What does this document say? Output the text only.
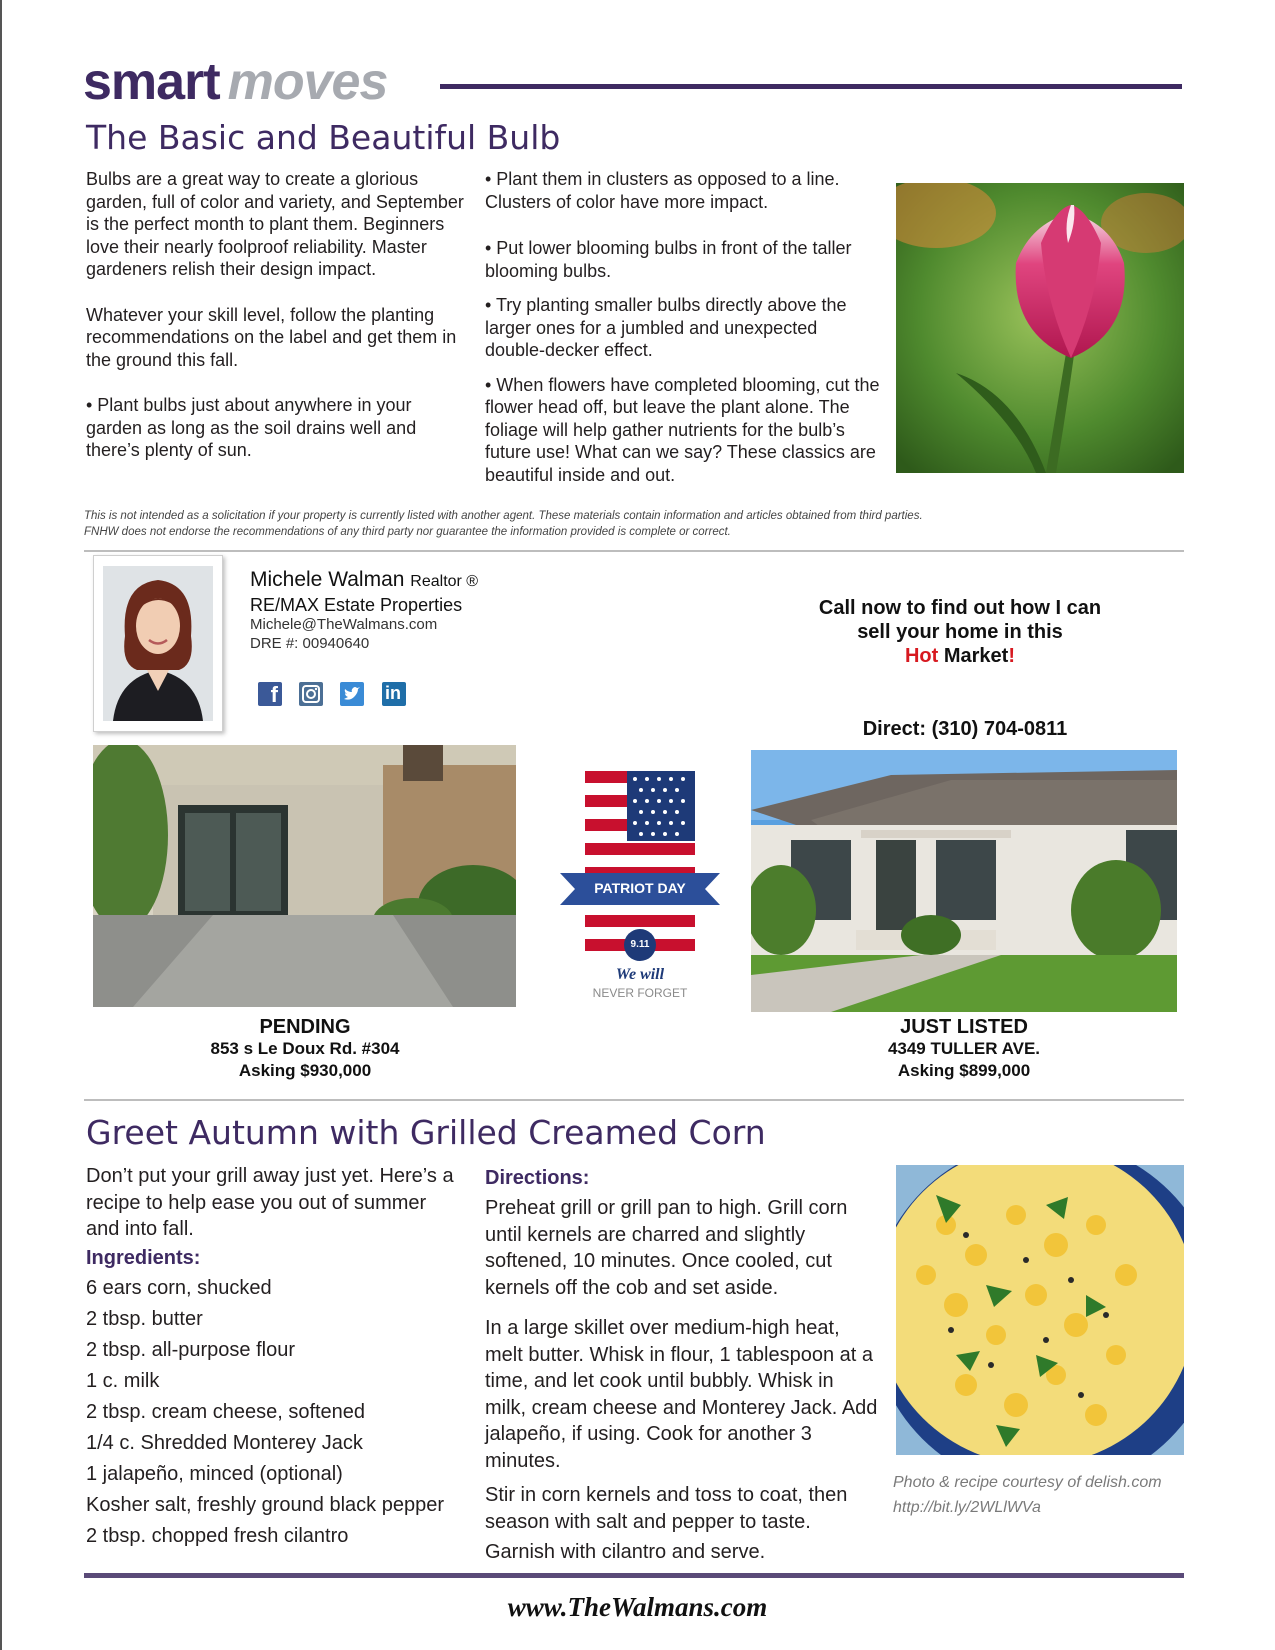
smart moves
The Basic and Beautiful Bulb

Bulbs are a great way to create a glorious garden, full of color and variety, and September is the perfect month to plant them. Beginners love their nearly foolproof reliability. Master gardeners relish their design impact.

Whatever your skill level, follow the planting recommendations on the label and get them in the ground this fall.

• Plant bulbs just about anywhere in your garden as long as the soil drains well and there’s plenty of sun.

• Plant them in clusters as opposed to a line. Clusters of color have more impact.

• Put lower blooming bulbs in front of the taller blooming bulbs.

• Try planting smaller bulbs directly above the larger ones for a jumbled and unexpected double-decker effect.

• When flowers have completed blooming, cut the flower head off, but leave the plant alone. The foliage will help gather nutrients for the bulb’s future use! What can we say? These classics are beautiful inside and out.

This is not intended as a solicitation if your property is currently listed with another agent. These materials contain information and articles obtained from third parties.
FNHW does not endorse the recommendations of any third party nor guarantee the information provided is complete or correct.
Michele Walman Realtor ®
RE/MAX Estate Properties
Michele@TheWalmans.com
DRE #: 00940640
f	in
Call now to find out how I can
sell your home in this
Hot Market!
Direct: (310) 704-0811
PATRIOT DAY
9.11
We will
NEVER FORGET
PENDING
853 s Le Doux Rd. #304
Asking $930,000
JUST LISTED
4349 TULLER AVE.
Asking $899,000
Greet Autumn with Grilled Creamed Corn
Don’t put your grill away just yet. Here’s a recipe to help ease you out of summer and into fall.
Ingredients:
6 ears corn, shucked
2 tbsp. butter
2 tbsp. all-purpose flour
1 c. milk
2 tbsp. cream cheese, softened
1/4 c. Shredded Monterey Jack
1 jalapeño, minced (optional)
Kosher salt, freshly ground black pepper
2 tbsp. chopped fresh cilantro
Directions:
Preheat grill or grill pan to high. Grill corn until kernels are charred and slightly softened, 10 minutes. Once cooled, cut kernels off the cob and set aside.
In a large skillet over medium-high heat, melt butter. Whisk in flour, 1 tablespoon at a time, and let cook until bubbly. Whisk in milk, cream cheese and Monterey Jack. Add jalapeño, if using. Cook for another 3 minutes.
Stir in corn kernels and toss to coat, then season with salt and pepper to taste.
Garnish with cilantro and serve.
Photo & recipe courtesy of delish.com
http://bit.ly/2WLlWVa
www.TheWalmans.com
